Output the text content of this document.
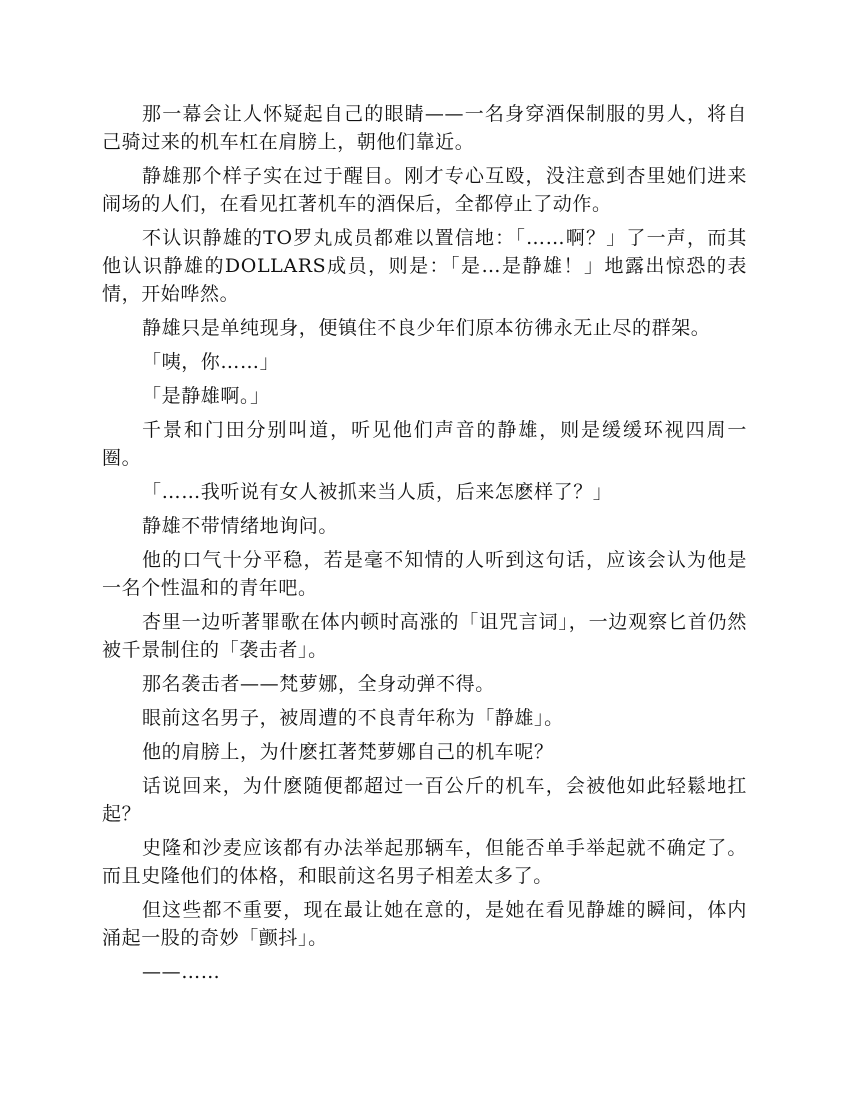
那一幕会让人怀疑起自己的眼睛——一名身穿酒保制服的男人，将自己骑过来的机车杠在肩膀上，朝他们靠近。

静雄那个样子实在过于醒目。刚才专心互殴，没注意到杏里她们进来闹场的人们，在看见扛著机车的酒保后，全都停止了动作。

不认识静雄的TO罗丸成员都难以置信地：「……啊？」了一声，而其他认识静雄的DOLLARS成员，则是：「是…是静雄！」地露出惊恐的表情，开始哗然。

静雄只是单纯现身，便镇住不良少年们原本彷彿永无止尽的群架。

「咦，你……」

「是静雄啊。」

千景和门田分别叫道，听见他们声音的静雄，则是缓缓环视四周一圈。

「……我听说有女人被抓来当人质，后来怎麽样了？」

静雄不带情绪地询问。

他的口气十分平稳，若是毫不知情的人听到这句话，应该会认为他是一名个性温和的青年吧。

杏里一边听著罪歌在体内顿时高涨的「诅咒言词」，一边观察匕首仍然被千景制住的「袭击者」。

那名袭击者——梵萝娜，全身动弹不得。

眼前这名男子，被周遭的不良青年称为「静雄」。

他的肩膀上，为什麽扛著梵萝娜自己的机车呢？

话说回来，为什麽随便都超过一百公斤的机车，会被他如此轻鬆地扛起？

史隆和沙麦应该都有办法举起那辆车，但能否单手举起就不确定了。而且史隆他们的体格，和眼前这名男子相差太多了。

但这些都不重要，现在最让她在意的，是她在看见静雄的瞬间，体内涌起一股的奇妙「颤抖」。

——……
